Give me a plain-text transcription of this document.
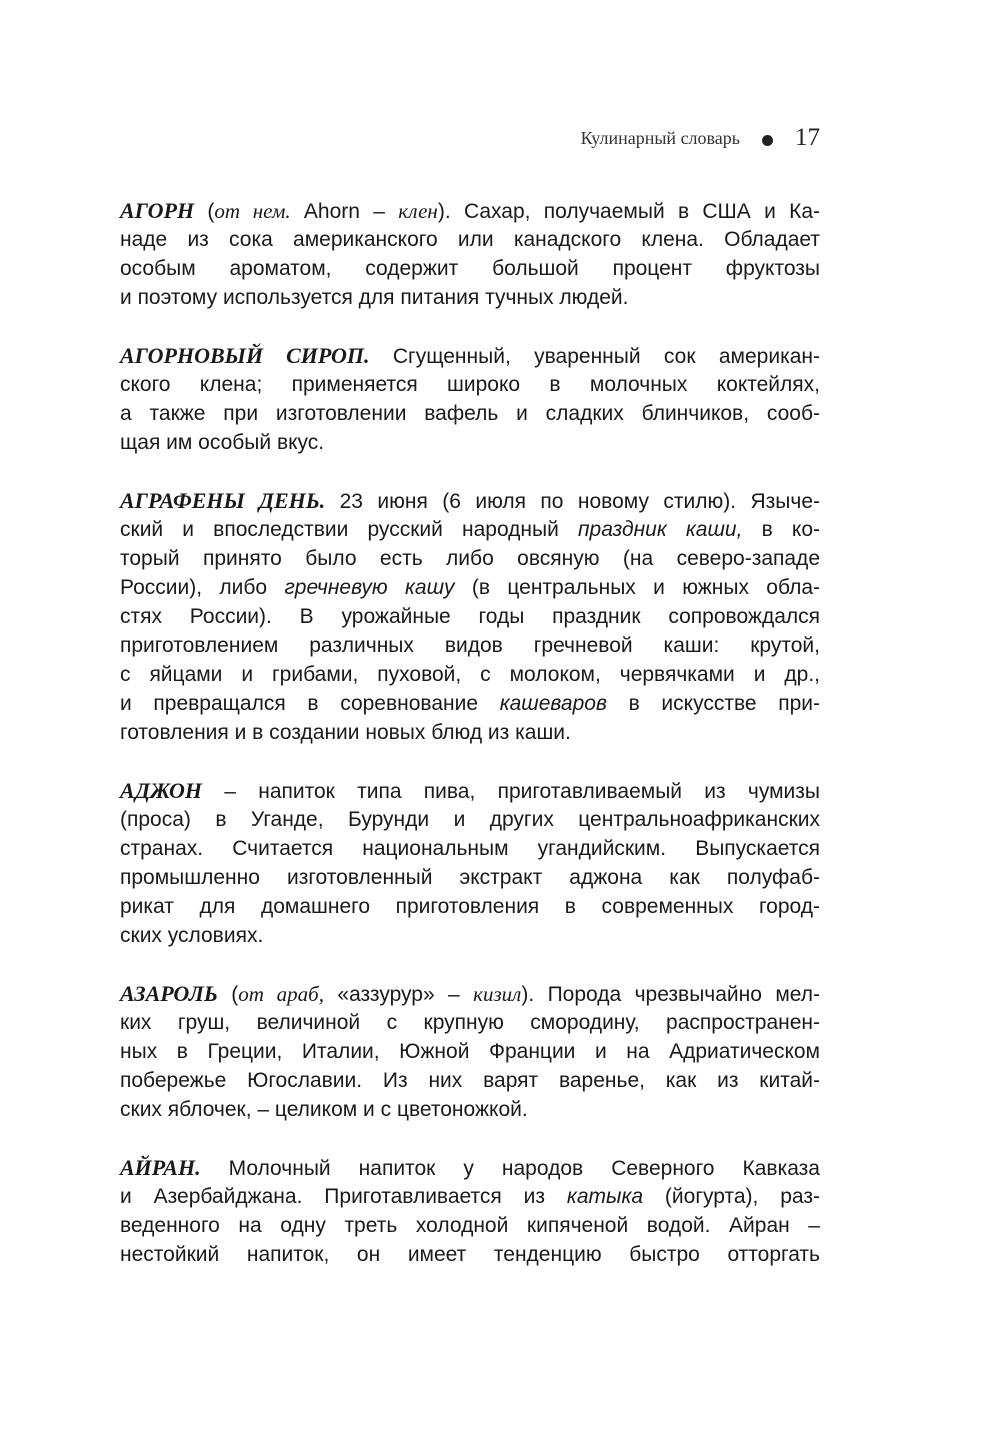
Кулинарный словарь 17
АГОРН (от нем. Ahorn – клен). Сахар, получаемый в США и Ка-
наде из сока американского или канадского клена. Обладает
особым ароматом, содержит большой процент фруктозы
и поэтому используется для питания тучных людей.
АГОРНОВЫЙ СИРОП. Сгущенный, уваренный сок американ-
ского клена; применяется широко в молочных коктейлях,
а также при изготовлении вафель и сладких блинчиков, сооб-
щая им особый вкус.
АГРАФЕНЫ ДЕНЬ. 23 июня (6 июля по новому стилю). Языче-
ский и впоследствии русский народный праздник каши, в ко-
торый принято было есть либо овсяную (на северо-западе
России), либо гречневую кашу (в центральных и южных обла-
стях России). В урожайные годы праздник сопровождался
приготовлением различных видов гречневой каши: крутой,
с яйцами и грибами, пуховой, с молоком, червячками и др.,
и превращался в соревнование кашеваров в искусстве при-
готовления и в создании новых блюд из каши.
АДЖОН – напиток типа пива, приготавливаемый из чумизы
(проса) в Уганде, Бурунди и других центральноафриканских
странах. Считается национальным угандийским. Выпускается
промышленно изготовленный экстракт аджона как полуфаб-
рикат для домашнего приготовления в современных город-
ских условиях.
АЗАРОЛЬ (от араб, «аззурур» – кизил). Порода чрезвычайно мел-
ких груш, величиной с крупную смородину, распространен-
ных в Греции, Италии, Южной Франции и на Адриатическом
побережье Югославии. Из них варят варенье, как из китай-
ских яблочек, – целиком и с цветоножкой.
АЙРАН. Молочный напиток у народов Северного Кавказа
и Азербайджана. Приготавливается из катыка (йогурта), раз-
веденного на одну треть холодной кипяченой водой. Айран –
нестойкий напиток, он имеет тенденцию быстро отторгать
